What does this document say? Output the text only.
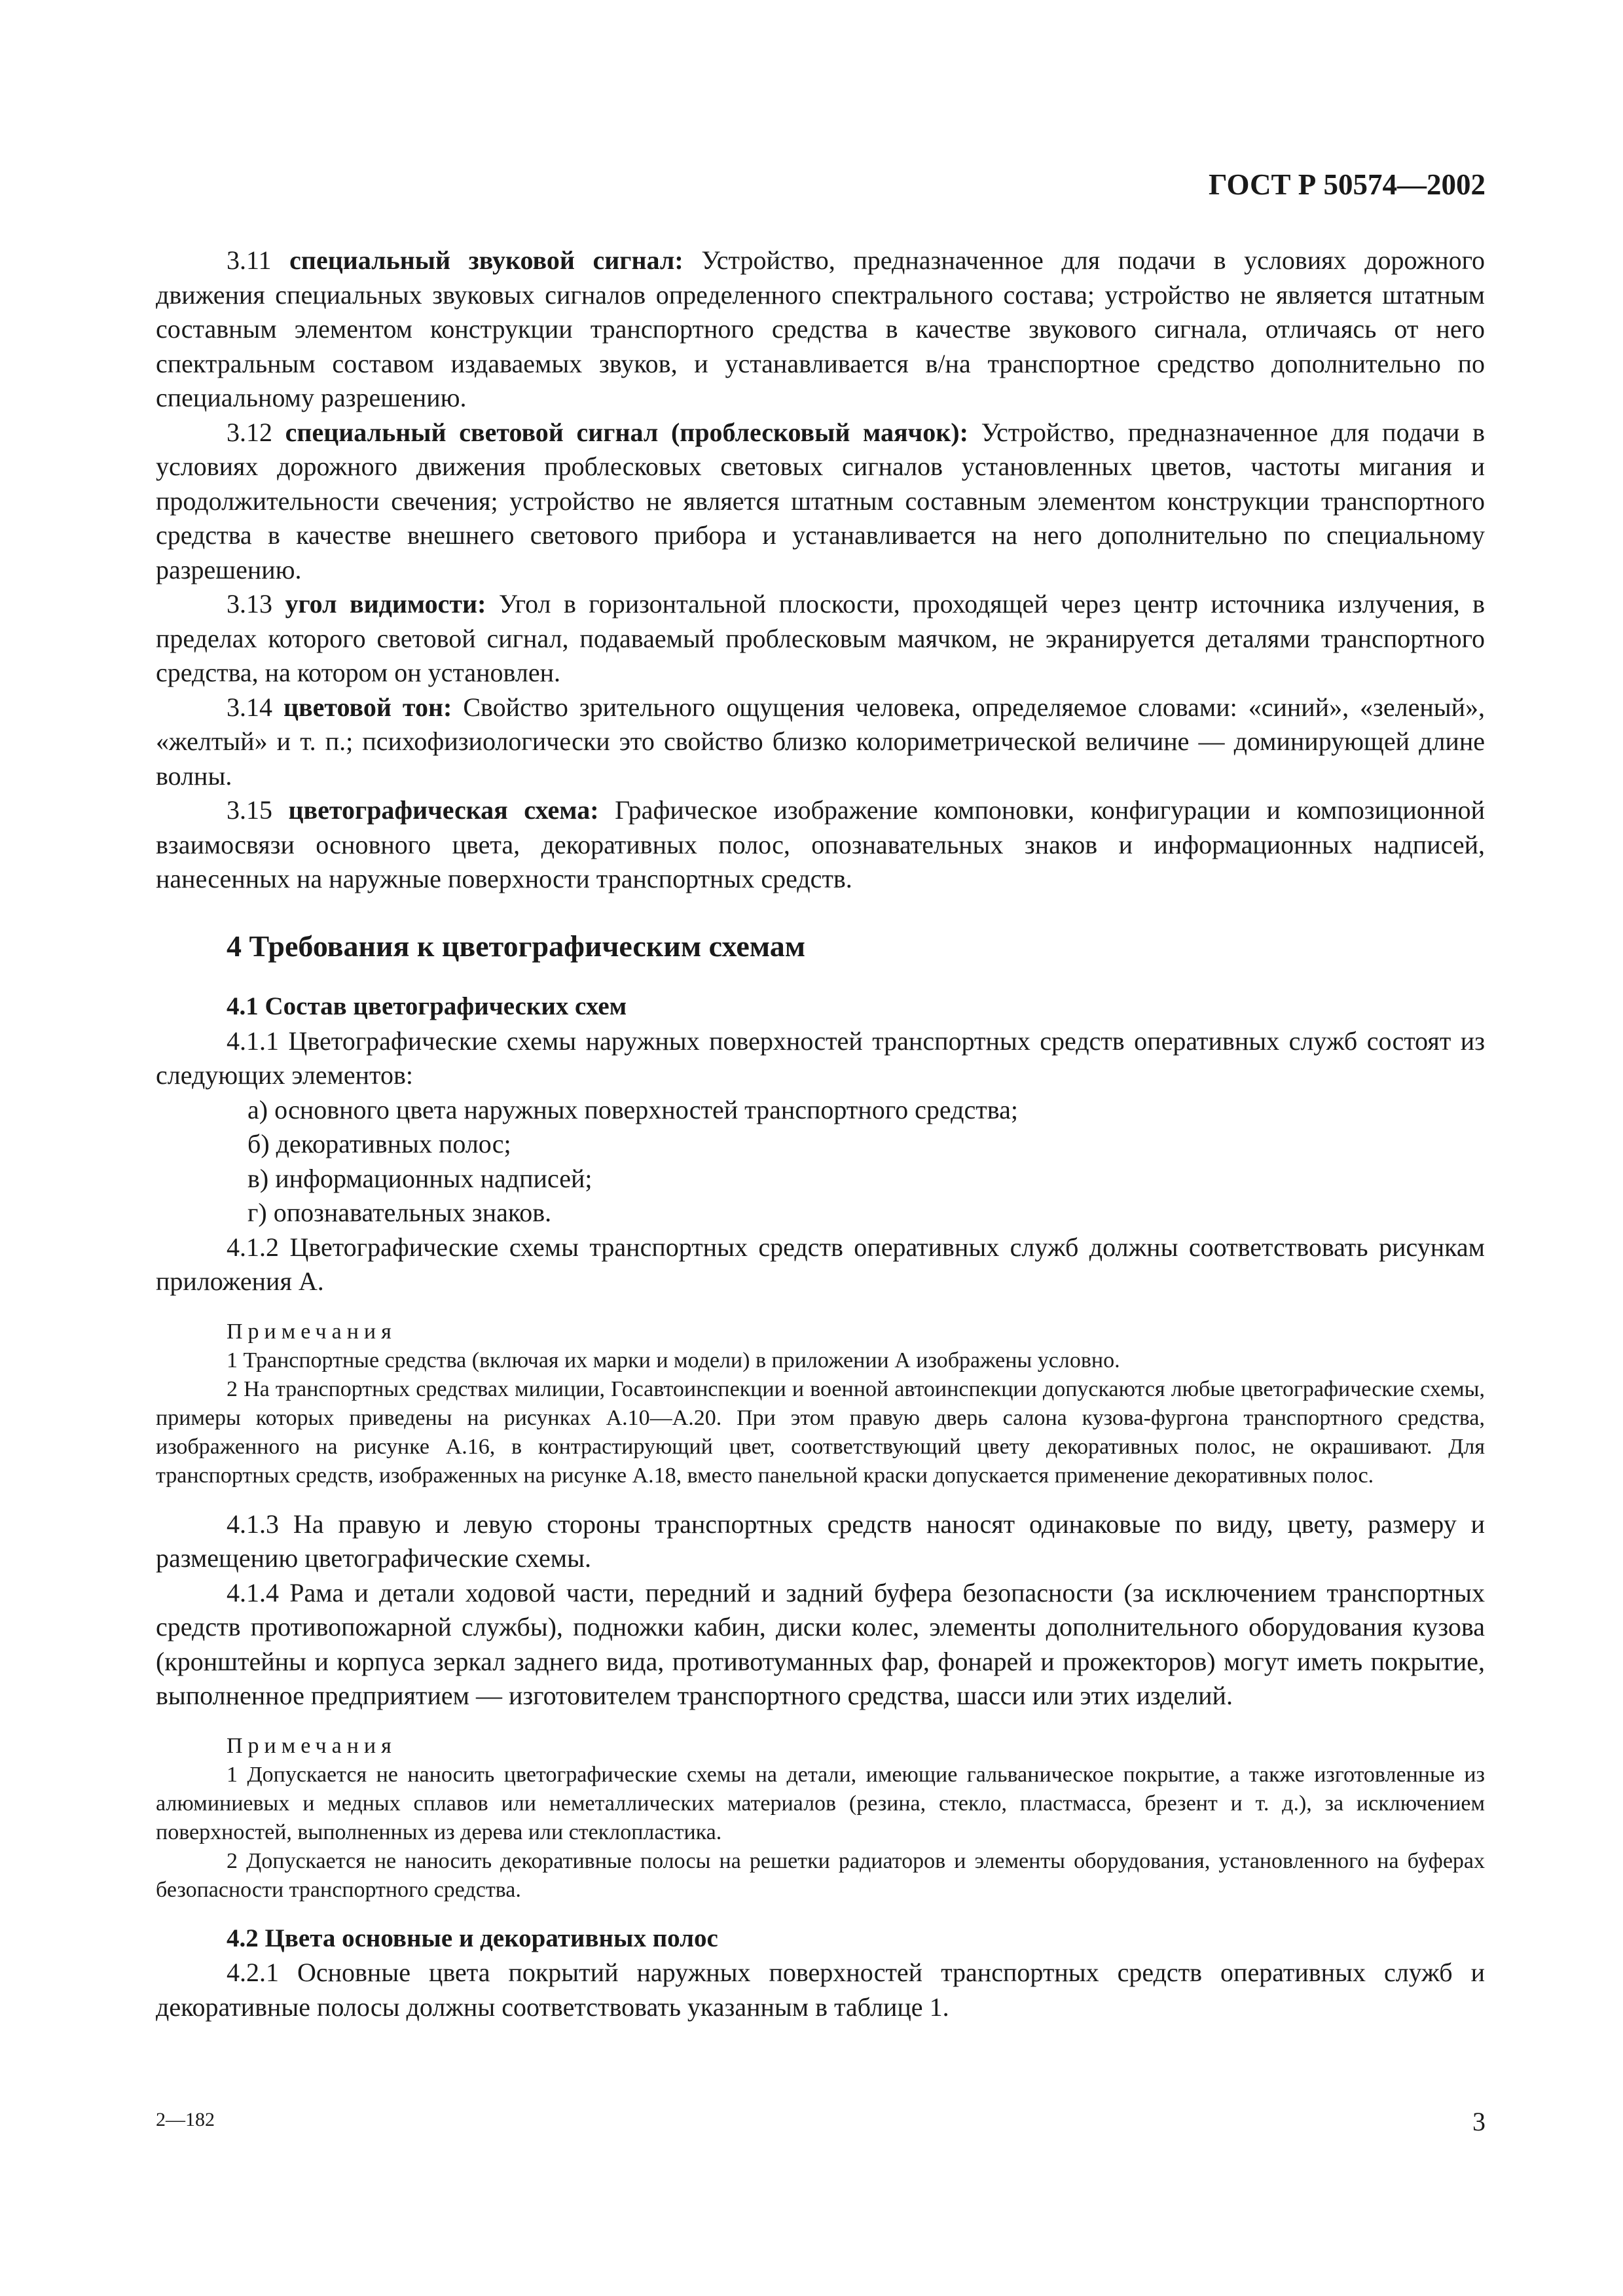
ГОСТ Р 50574—2002

3.11 специальный звуковой сигнал: Устройство, предназначенное для подачи в условиях дорожного движения специальных звуковых сигналов определенного спектрального состава; устройство не является штатным составным элементом конструкции транспортного средства в качестве звукового сигнала, отличаясь от него спектральным составом издаваемых звуков, и устанавливается в/на транспортное средство дополнительно по специальному разрешению.

3.12 специальный световой сигнал (проблесковый маячок): Устройство, предназначенное для подачи в условиях дорожного движения проблесковых световых сигналов установленных цветов, частоты мигания и продолжительности свечения; устройство не является штатным составным элементом конструкции транспортного средства в качестве внешнего светового прибора и устанавливается на него дополнительно по специальному разрешению.

3.13 угол видимости: Угол в горизонтальной плоскости, проходящей через центр источника излучения, в пределах которого световой сигнал, подаваемый проблесковым маячком, не экранируется деталями транспортного средства, на котором он установлен.

3.14 цветовой тон: Свойство зрительного ощущения человека, определяемое словами: «синий», «зеленый», «желтый» и т. п.; психофизиологически это свойство близко колориметрической величине — доминирующей длине волны.

3.15 цветографическая схема: Графическое изображение компоновки, конфигурации и композиционной взаимосвязи основного цвета, декоративных полос, опознавательных знаков и информационных надписей, нанесенных на наружные поверхности транспортных средств.

4 Требования к цветографическим схемам

4.1 Состав цветографических схем

4.1.1 Цветографические схемы наружных поверхностей транспортных средств оперативных служб состоят из следующих элементов:

а) основного цвета наружных поверхностей транспортного средства;

б) декоративных полос;

в) информационных надписей;

г) опознавательных знаков.

4.1.2 Цветографические схемы транспортных средств оперативных служб должны соответствовать рисункам приложения А.

Примечания

1 Транспортные средства (включая их марки и модели) в приложении А изображены условно.

2 На транспортных средствах милиции, Госавтоинспекции и военной автоинспекции допускаются любые цветографические схемы, примеры которых приведены на рисунках А.10—А.20. При этом правую дверь салона кузова-фургона транспортного средства, изображенного на рисунке А.16, в контрастирующий цвет, соответствующий цвету декоративных полос, не окрашивают. Для транспортных средств, изображенных на рисунке А.18, вместо панельной краски допускается применение декоративных полос.

4.1.3 На правую и левую стороны транспортных средств наносят одинаковые по виду, цвету, размеру и размещению цветографические схемы.

4.1.4 Рама и детали ходовой части, передний и задний буфера безопасности (за исключением транспортных средств противопожарной службы), подножки кабин, диски колес, элементы дополнительного оборудования кузова (кронштейны и корпуса зеркал заднего вида, противотуманных фар, фонарей и прожекторов) могут иметь покрытие, выполненное предприятием — изготовителем транспортного средства, шасси или этих изделий.

Примечания

1 Допускается не наносить цветографические схемы на детали, имеющие гальваническое покрытие, а также изготовленные из алюминиевых и медных сплавов или неметаллических материалов (резина, стекло, пластмасса, брезент и т. д.), за исключением поверхностей, выполненных из дерева или стеклопластика.

2 Допускается не наносить декоративные полосы на решетки радиаторов и элементы оборудования, установленного на буферах безопасности транспортного средства.

4.2 Цвета основные и декоративных полос

4.2.1 Основные цвета покрытий наружных поверхностей транспортных средств оперативных служб и декоративные полосы должны соответствовать указанным в таблице 1.

2—182	3
